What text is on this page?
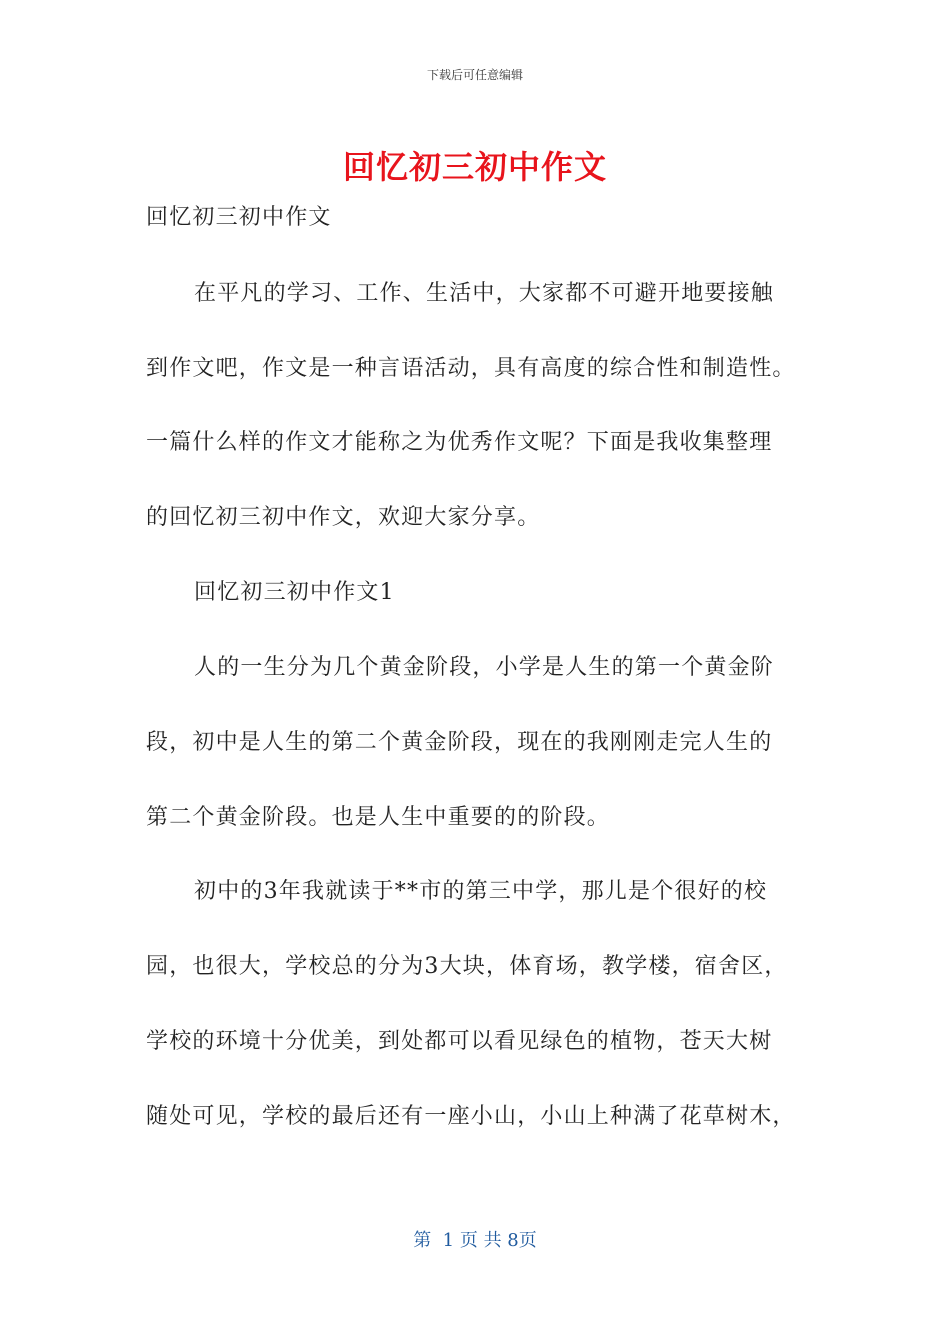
下载后可任意编辑
回忆初三初中作文
回忆初三初中作文
在平凡的学习、工作、生活中，大家都不可避开地要接触
到作文吧，作文是一种言语活动，具有高度的综合性和制造性。
一篇什么样的作文才能称之为优秀作文呢？下面是我收集整理
的回忆初三初中作文，欢迎大家分享。
回忆初三初中作文1
人的一生分为几个黄金阶段，小学是人生的第一个黄金阶
段，初中是人生的第二个黄金阶段，现在的我刚刚走完人生的
第二个黄金阶段。也是人生中重要的的阶段。
初中的3年我就读于**市的第三中学，那儿是个很好的校
园，也很大，学校总的分为3大块，体育场，教学楼，宿舍区，
学校的环境十分优美，到处都可以看见绿色的植物，苍天大树
随处可见，学校的最后还有一座小山，小山上种满了花草树木，
第  1 页 共 8页
